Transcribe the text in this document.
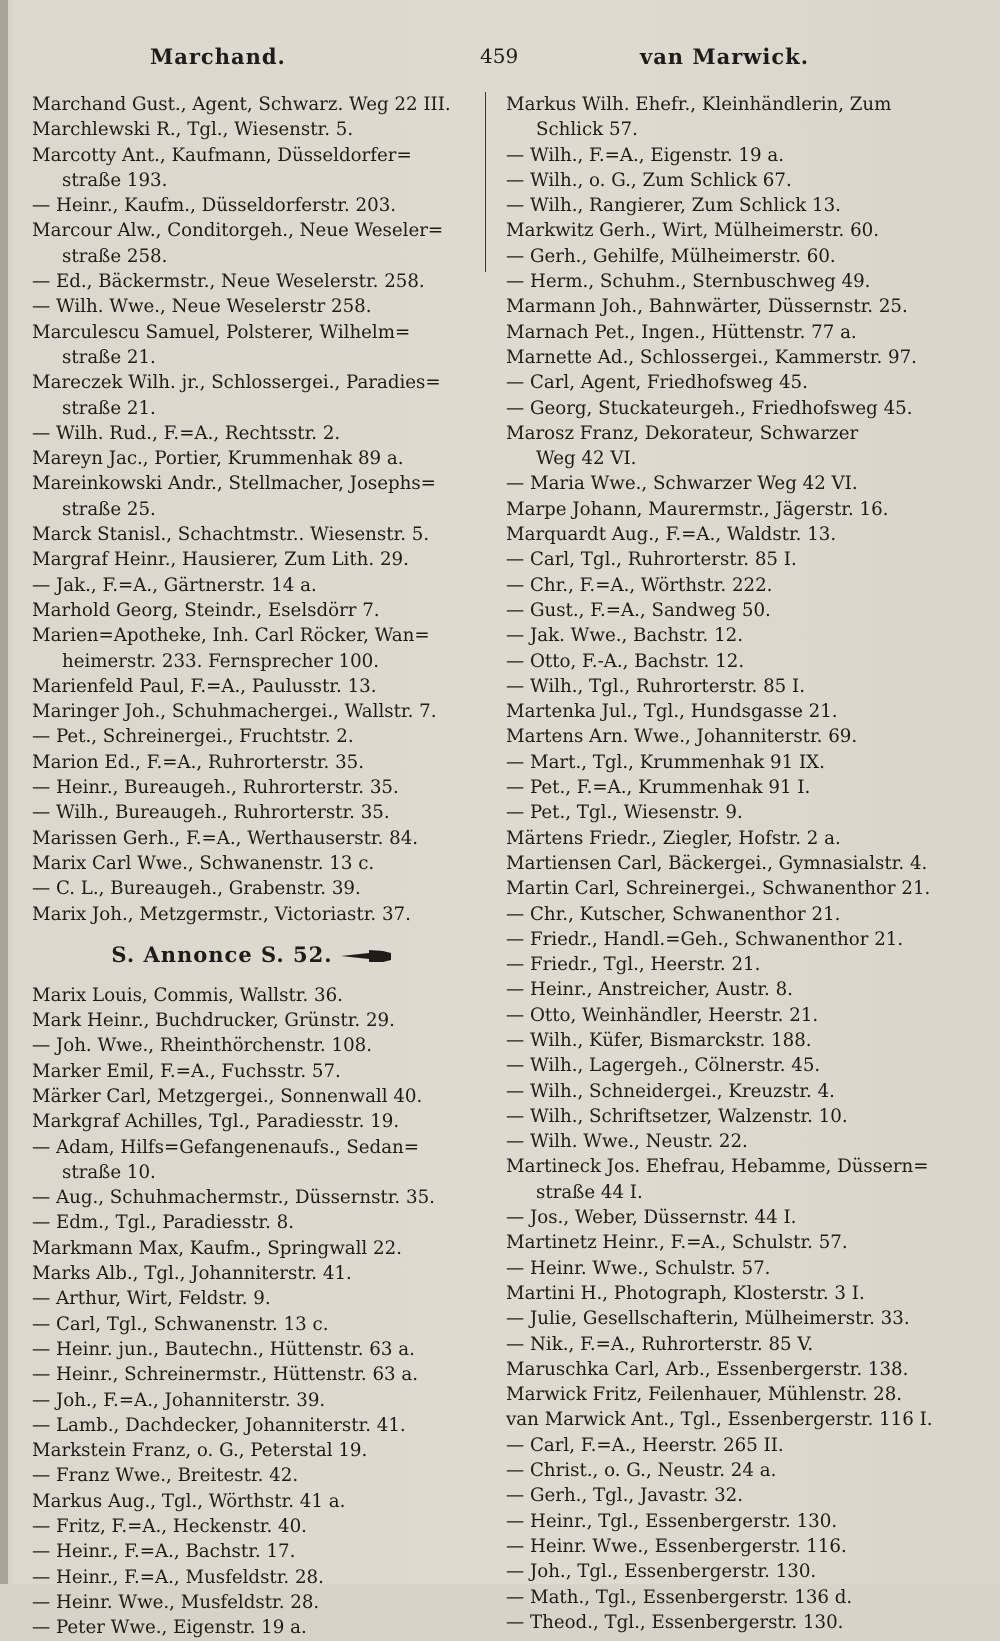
Marchand.	459	van Marwick.
Marchand Gust., Agent, Schwarz. Weg 22 III.
Marchlewski R., Tgl., Wiesenstr. 5.
Marcotty Ant., Kaufmann, Düsseldorfer=
straße 193.
— Heinr., Kaufm., Düsseldorferstr. 203.
Marcour Alw., Conditorgeh., Neue Weseler=
straße 258.
— Ed., Bäckermstr., Neue Weselerstr. 258.
— Wilh. Wwe., Neue Weselerstr 258.
Marculescu Samuel, Polsterer, Wilhelm=
straße 21.
Mareczek Wilh. jr., Schlossergei., Paradies=
straße 21.
— Wilh. Rud., F.=A., Rechtsstr. 2.
Mareyn Jac., Portier, Krummenhak 89 a.
Mareinkowski Andr., Stellmacher, Josephs=
straße 25.
Marck Stanisl., Schachtmstr.. Wiesenstr. 5.
Margraf Heinr., Hausierer, Zum Lith. 29.
— Jak., F.=A., Gärtnerstr. 14 a.
Marhold Georg, Steindr., Eselsdörr 7.
Marien=Apotheke, Inh. Carl Röcker, Wan=
heimerstr. 233. Fernsprecher 100.
Marienfeld Paul, F.=A., Paulusstr. 13.
Maringer Joh., Schuhmachergei., Wallstr. 7.
— Pet., Schreinergei., Fruchtstr. 2.
Marion Ed., F.=A., Ruhrorterstr. 35.
— Heinr., Bureaugeh., Ruhrorterstr. 35.
— Wilh., Bureaugeh., Ruhrorterstr. 35.
Marissen Gerh., F.=A., Werthauserstr. 84.
Marix Carl Wwe., Schwanenstr. 13 c.
— C. L., Bureaugeh., Grabenstr. 39.
Marix Joh., Metzgermstr., Victoriastr. 37.
S. Annonce S. 52.
Marix Louis, Commis, Wallstr. 36.
Mark Heinr., Buchdrucker, Grünstr. 29.
— Joh. Wwe., Rheinthörchenstr. 108.
Marker Emil, F.=A., Fuchsstr. 57.
Märker Carl, Metzgergei., Sonnenwall 40.
Markgraf Achilles, Tgl., Paradiesstr. 19.
— Adam, Hilfs=Gefangenenaufs., Sedan=
straße 10.
— Aug., Schuhmachermstr., Düssernstr. 35.
— Edm., Tgl., Paradiesstr. 8.
Markmann Max, Kaufm., Springwall 22.
Marks Alb., Tgl., Johanniterstr. 41.
— Arthur, Wirt, Feldstr. 9.
— Carl, Tgl., Schwanenstr. 13 c.
— Heinr. jun., Bautechn., Hüttenstr. 63 a.
— Heinr., Schreinermstr., Hüttenstr. 63 a.
— Joh., F.=A., Johanniterstr. 39.
— Lamb., Dachdecker, Johanniterstr. 41.
Markstein Franz, o. G., Peterstal 19.
— Franz Wwe., Breitestr. 42.
Markus Aug., Tgl., Wörthstr. 41 a.
— Fritz, F.=A., Heckenstr. 40.
— Heinr., F.=A., Bachstr. 17.
— Heinr., F.=A., Musfeldstr. 28.
— Heinr. Wwe., Musfeldstr. 28.
— Peter Wwe., Eigenstr. 19 a.
Markus Wilh. Ehefr., Kleinhändlerin, Zum
Schlick 57.
— Wilh., F.=A., Eigenstr. 19 a.
— Wilh., o. G., Zum Schlick 67.
— Wilh., Rangierer, Zum Schlick 13.
Markwitz Gerh., Wirt, Mülheimerstr. 60.
— Gerh., Gehilfe, Mülheimerstr. 60.
— Herm., Schuhm., Sternbuschweg 49.
Marmann Joh., Bahnwärter, Düssernstr. 25.
Marnach Pet., Ingen., Hüttenstr. 77 a.
Marnette Ad., Schlossergei., Kammerstr. 97.
— Carl, Agent, Friedhofsweg 45.
— Georg, Stuckateurgeh., Friedhofsweg 45.
Marosz Franz, Dekorateur, Schwarzer
Weg 42 VI.
— Maria Wwe., Schwarzer Weg 42 VI.
Marpe Johann, Maurermstr., Jägerstr. 16.
Marquardt Aug., F.=A., Waldstr. 13.
— Carl, Tgl., Ruhrorterstr. 85 I.
— Chr., F.=A., Wörthstr. 222.
— Gust., F.=A., Sandweg 50.
— Jak. Wwe., Bachstr. 12.
— Otto, F.-A., Bachstr. 12.
— Wilh., Tgl., Ruhrorterstr. 85 I.
Martenka Jul., Tgl., Hundsgasse 21.
Martens Arn. Wwe., Johanniterstr. 69.
— Mart., Tgl., Krummenhak 91 IX.
— Pet., F.=A., Krummenhak 91 I.
— Pet., Tgl., Wiesenstr. 9.
Märtens Friedr., Ziegler, Hofstr. 2 a.
Martiensen Carl, Bäckergei., Gymnasialstr. 4.
Martin Carl, Schreinergei., Schwanenthor 21.
— Chr., Kutscher, Schwanenthor 21.
— Friedr., Handl.=Geh., Schwanenthor 21.
— Friedr., Tgl., Heerstr. 21.
— Heinr., Anstreicher, Austr. 8.
— Otto, Weinhändler, Heerstr. 21.
— Wilh., Küfer, Bismarckstr. 188.
— Wilh., Lagergeh., Cölnerstr. 45.
— Wilh., Schneidergei., Kreuzstr. 4.
— Wilh., Schriftsetzer, Walzenstr. 10.
— Wilh. Wwe., Neustr. 22.
Martineck Jos. Ehefrau, Hebamme, Düssern=
straße 44 I.
— Jos., Weber, Düssernstr. 44 I.
Martinetz Heinr., F.=A., Schulstr. 57.
— Heinr. Wwe., Schulstr. 57.
Martini H., Photograph, Klosterstr. 3 I.
— Julie, Gesellschafterin, Mülheimerstr. 33.
— Nik., F.=A., Ruhrorterstr. 85 V.
Maruschka Carl, Arb., Essenbergerstr. 138.
Marwick Fritz, Feilenhauer, Mühlenstr. 28.
van Marwick Ant., Tgl., Essenbergerstr. 116 I.
— Carl, F.=A., Heerstr. 265 II.
— Christ., o. G., Neustr. 24 a.
— Gerh., Tgl., Javastr. 32.
— Heinr., Tgl., Essenbergerstr. 130.
— Heinr. Wwe., Essenbergerstr. 116.
— Joh., Tgl., Essenbergerstr. 130.
— Math., Tgl., Essenbergerstr. 136 d.
— Theod., Tgl., Essenbergerstr. 130.
